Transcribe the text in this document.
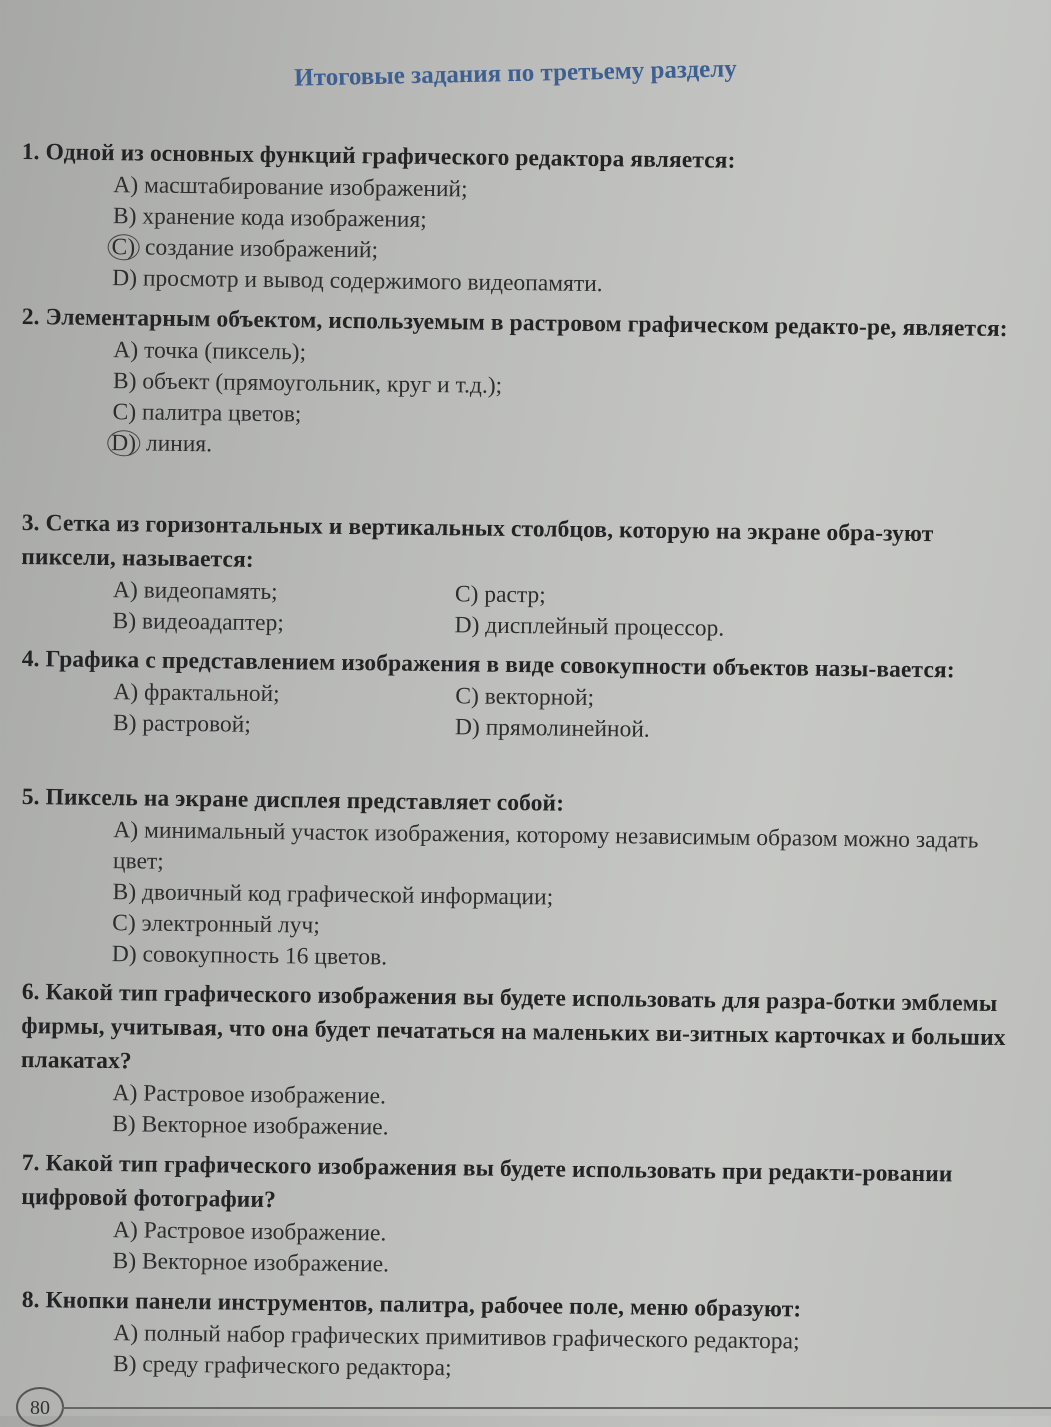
Итоговые задания по третьему разделу
1. Одной из основных функций графического редактора является:
A) масштабирование изображений;
B) хранение кода изображения;
C) создание изображений;
D) просмотр и вывод содержимого видеопамяти.
2. Элементарным объектом, используемым в растровом графическом редакто-ре, является:
A) точка (пиксель);
B) объект (прямоугольник, круг и т.д.);
C) палитра цветов;
D) линия.
3. Сетка из горизонтальных и вертикальных столбцов, которую на экране обра-зуют пиксели, называется:
A) видеопамять;	C) растр;
B) видеоадаптер;	D) дисплейный процессор.
4. Графика с представлением изображения в виде совокупности объектов назы-вается:
A) фрактальной;	C) векторной;
B) растровой;	D) прямолинейной.
5. Пиксель на экране дисплея представляет собой:
A) минимальный участок изображения, которому независимым образом можно задать цвет;
B) двоичный код графической информации;
C) электронный луч;
D) совокупность 16 цветов.
6. Какой тип графического изображения вы будете использовать для разра-ботки эмблемы фирмы, учитывая, что она будет печататься на маленьких ви-зитных карточках и больших плакатах?
A) Растровое изображение.
B) Векторное изображение.
7. Какой тип графического изображения вы будете использовать при редакти-ровании цифровой фотографии?
A) Растровое изображение.
B) Векторное изображение.
8. Кнопки панели инструментов, палитра, рабочее поле, меню образуют:
A) полный набор графических примитивов графического редактора;
B) среду графического редактора;
80
